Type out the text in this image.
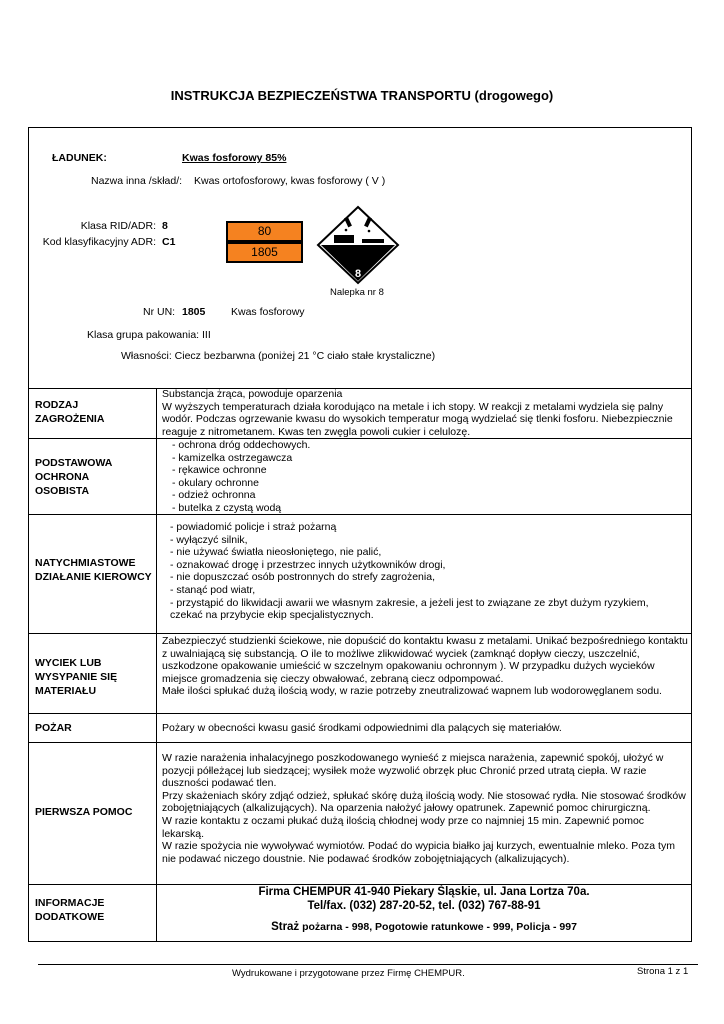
INSTRUKCJA BEZPIECZEŃSTWA TRANSPORTU (drogowego)
ŁADUNEK:	Kwas fosforowy 85%
Nazwa inna /skład/: Kwas ortofosforowy, kwas fosforowy ( V )
Klasa RID/ADR: 8
Kod klasyfikacyjny ADR: C1
80
1805
8
Nalepka nr 8
Nr UN: 1805 Kwas fosforowy
Klasa grupa pakowania: III
Własności: Ciecz bezbarwna (poniżej 21 °C ciało stałe krystaliczne)
RODZAJ ZAGROŻENIA
Substancja żrąca, powoduje oparzenia
W wyższych temperaturach działa korodująco na metale i ich stopy. W reakcji z metalami wydziela się palny wodór. Podczas ogrzewanie kwasu do wysokich temperatur mogą wydzielać się tlenki fosforu. Niebezpiecznie reaguje z nitrometanem. Kwas ten zwęgla powoli cukier i celulozę.
PODSTAWOWA OCHRONA OSOBISTA
- ochrona dróg oddechowych.
- kamizelka ostrzegawcza
- rękawice ochronne
- okulary ochronne
- odzież ochronna
- butelka z czystą wodą
NATYCHMIASTOWE DZIAŁANIE KIEROWCY
- powiadomić policje i straż pożarną
- wyłączyć silnik,
- nie używać światła nieosłoniętego, nie palić,
- oznakować drogę i przestrzec innych użytkowników drogi,
- nie dopuszczać osób postronnych do strefy zagrożenia,
- stanąć pod wiatr,
- przystąpić do likwidacji awarii we własnym zakresie, a jeżeli jest to związane ze zbyt dużym ryzykiem, czekać na przybycie ekip specjalistycznych.
WYCIEK LUB WYSYPANIE SIĘ MATERIAŁU
Zabezpieczyć studzienki ściekowe, nie dopuścić do kontaktu kwasu z metalami. Unikać bezpośredniego kontaktu z uwalniającą się substancją. O ile to możliwe zlikwidować wyciek (zamknąć dopływ cieczy, uszczelnić, uszkodzone opakowanie umieścić w szczelnym opakowaniu ochronnym ). W przypadku dużych wycieków miejsce gromadzenia się cieczy obwałować, zebraną ciecz odpompować.
Małe ilości spłukać dużą ilością wody, w razie potrzeby zneutralizować wapnem lub wodorowęglanem sodu.
POŻAR	Pożary w obecności kwasu gasić środkami odpowiednimi dla palących się materiałów.
PIERWSZA POMOC
W razie narażenia inhalacyjnego poszkodowanego wynieść z miejsca narażenia, zapewnić spokój, ułożyć w pozycji półleżącej lub siedzącej; wysiłek może wyzwolić obrzęk płuc Chronić przed utratą ciepła. W razie duszności podawać tlen.
Przy skażeniach skóry zdjąć odzież, spłukać skórę dużą ilością wody. Nie stosować rydła. Nie stosować środków zobojętniających (alkalizujących). Na oparzenia nałożyć jałowy opatrunek. Zapewnić pomoc chirurgiczną.
W razie kontaktu z oczami płukać dużą ilością chłodnej wody prze co najmniej 15 min. Zapewnić pomoc lekarską.
W razie spożycia nie wywoływać wymiotów. Podać do wypicia białko jaj kurzych, ewentualnie mleko. Poza tym nie podawać niczego doustnie. Nie podawać środków zobojętniających (alkalizujących).
INFORMACJE DODATKOWE
Firma CHEMPUR 41-940 Piekary Śląskie, ul. Jana Lortza 70a.
Tel/fax. (032) 287-20-52, tel. (032) 767-88-91
Straż pożarna - 998, Pogotowie ratunkowe - 999, Policja - 997
Wydrukowane i przygotowane przez Firmę CHEMPUR.	Strona 1 z 1
